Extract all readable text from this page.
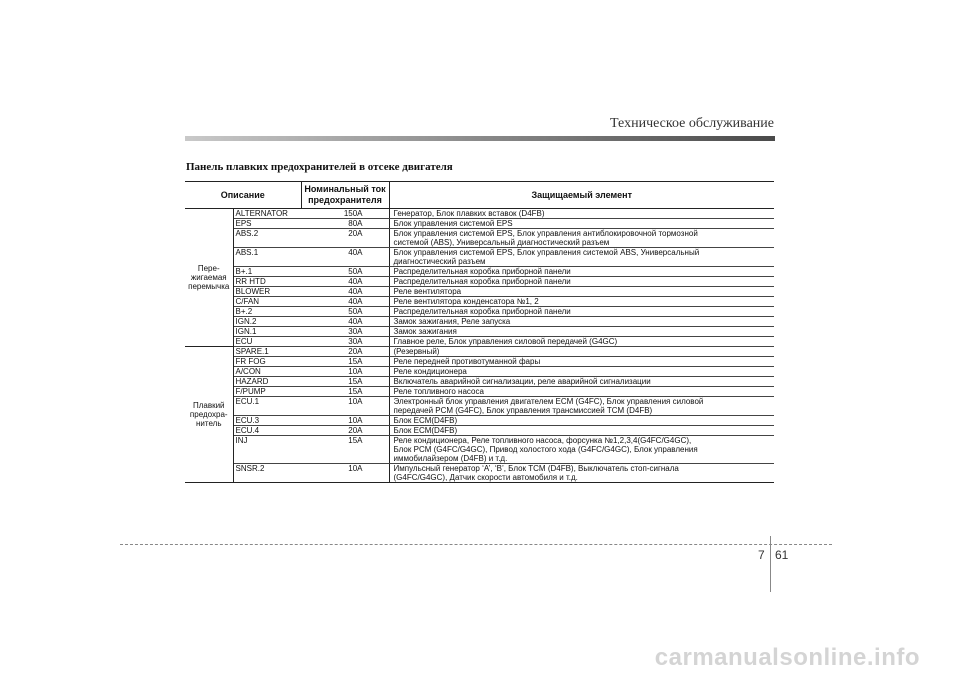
Техническое обслуживание
Панель плавких предохранителей в отсеке двигателя
Описание		Номинальный ток предохранителя	Защищаемый элемент
Пере-жигаемая перемычка	ALTERNATOR	150A	Генератор, Блок плавких вставок (D4FB)

	EPS	80A	Блок управления системой EPS

	ABS.2	20A	Блок управления системой EPS, Блок управления антиблокировочной тормозной
системой (ABS), Универсальный диагностический разъем

	ABS.1	40A	Блок управления системой EPS, Блок управления системой ABS, Универсальный
диагностический разъем

	B+.1	50A	Распределительная коробка приборной панели

	RR HTD	40A	Распределительная коробка приборной панели

	BLOWER	40A	Реле вентилятора

	C/FAN	40A	Реле вентилятора конденсатора №1, 2

	B+.2	50A	Распределительная коробка приборной панели

	IGN.2	40A	Замок зажигания, Реле запуска

	IGN.1	30A	Замок зажигания

	ECU	30A	Главное реле, Блок управления силовой передачей (G4GC)

Плавкий предохра-нитель	SPARE.1	20A	(Резервный)

	FR FOG	15A	Реле передней противотуманной фары

	A/CON	10A	Реле кондиционера

	HAZARD	15A	Включатель аварийной сигнализации, реле аварийной сигнализации

	F/PUMP	15A	Реле топливного насоса

	ECU.1	10A	Электронный блок управления двигателем ECM (G4FC), Блок управления силовой
передачей PCM (G4FC), Блок управления трансмиссией TCM (D4FB)

	ECU.3	10A	Блок ECM(D4FB)

	ECU.4	20A	Блок ECM(D4FB)

	INJ	15A	Реле кондиционера, Реле топливного насоса, форсунка №1,2,3,4(G4FC/G4GC),
Блок PCM (G4FC/G4GC), Привод холостого хода (G4FC/G4GC), Блок управления
иммобилайзером (D4FB) и т.д.

	SNSR.2	10A	Импульсный генератор ‘A’, ‘B’, Блок TCM (D4FB), Выключатель стоп-сигнала
(G4FC/G4GC), Датчик скорости автомобиля и т.д.
7 61
carmanualsonline.info
